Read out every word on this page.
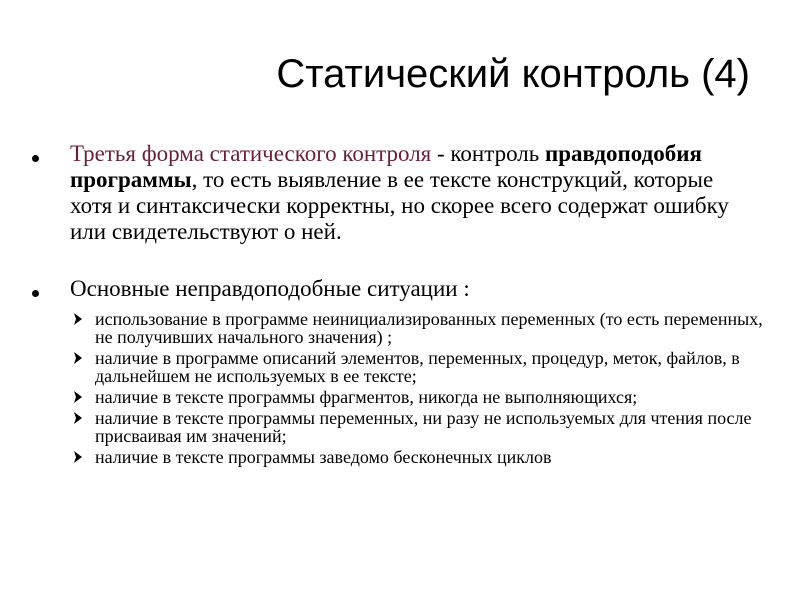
Статический контроль (4)
Третья форма статического контроля - контроль правдоподобия программы, то есть выявление в ее тексте конструкций, которые хотя и синтаксически корректны, но скорее всего содержат ошибку или свидетельствуют о ней.
Основные неправдоподобные ситуации :
использование в программе неинициализированных переменных (то есть переменных, не получивших начального значения) ;
наличие в программе описаний элементов, переменных, процедур, меток, файлов, в дальнейшем не используемых в ее тексте;
наличие в тексте программы фрагментов, никогда не выполняющихся;
наличие в тексте программы переменных, ни разу не используемых для чтения после присваивая им значений;
наличие в тексте программы заведомо бесконечных циклов
